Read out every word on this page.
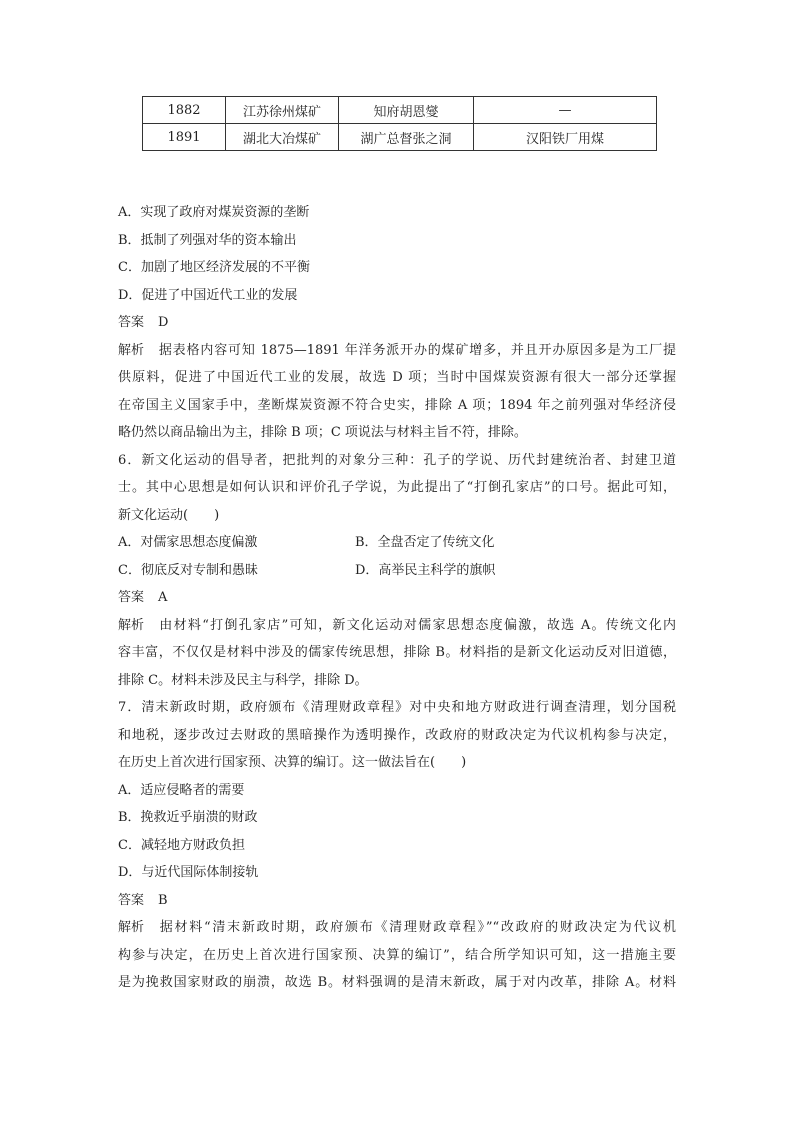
1882	江苏徐州煤矿	知府胡恩燮	—
1891	湖北大冶煤矿	湖广总督张之洞	汉阳铁厂用煤
A．实现了政府对煤炭资源的垄断
B．抵制了列强对华的资本输出
C．加剧了地区经济发展的不平衡
D．促进了中国近代工业的发展
答案 D
解析 据表格内容可知 1875—1891 年洋务派开办的煤矿增多，并且开办原因多是为工厂提
供原料，促进了中国近代工业的发展，故选 D 项；当时中国煤炭资源有很大一部分还掌握
在帝国主义国家手中，垄断煤炭资源不符合史实，排除 A 项；1894 年之前列强对华经济侵
略仍然以商品输出为主，排除 B 项；C 项说法与材料主旨不符，排除。
6．新文化运动的倡导者，把批判的对象分三种：孔子的学说、历代封建统治者、封建卫道
士。其中心思想是如何认识和评价孔子学说，为此提出了“打倒孔家店”的口号。据此可知，
新文化运动(　　)
A．对儒家思想态度偏激	B．全盘否定了传统文化
C．彻底反对专制和愚昧	D．高举民主科学的旗帜
答案 A
解析 由材料“打倒孔家店”可知，新文化运动对儒家思想态度偏激，故选 A。传统文化内
容丰富，不仅仅是材料中涉及的儒家传统思想，排除 B。材料指的是新文化运动反对旧道德，
排除 C。材料未涉及民主与科学，排除 D。
7．清末新政时期，政府颁布《清理财政章程》对中央和地方财政进行调查清理，划分国税
和地税，逐步改过去财政的黑暗操作为透明操作，改政府的财政决定为代议机构参与决定，
在历史上首次进行国家预、决算的编订。这一做法旨在(　　)
A．适应侵略者的需要
B．挽救近乎崩溃的财政
C．减轻地方财政负担
D．与近代国际体制接轨
答案 B
解析 据材料“清末新政时期，政府颁布《清理财政章程》”“改政府的财政决定为代议机
构参与决定，在历史上首次进行国家预、决算的编订”，结合所学知识可知，这一措施主要
是为挽救国家财政的崩溃，故选 B。材料强调的是清末新政，属于对内改革，排除 A。材料
